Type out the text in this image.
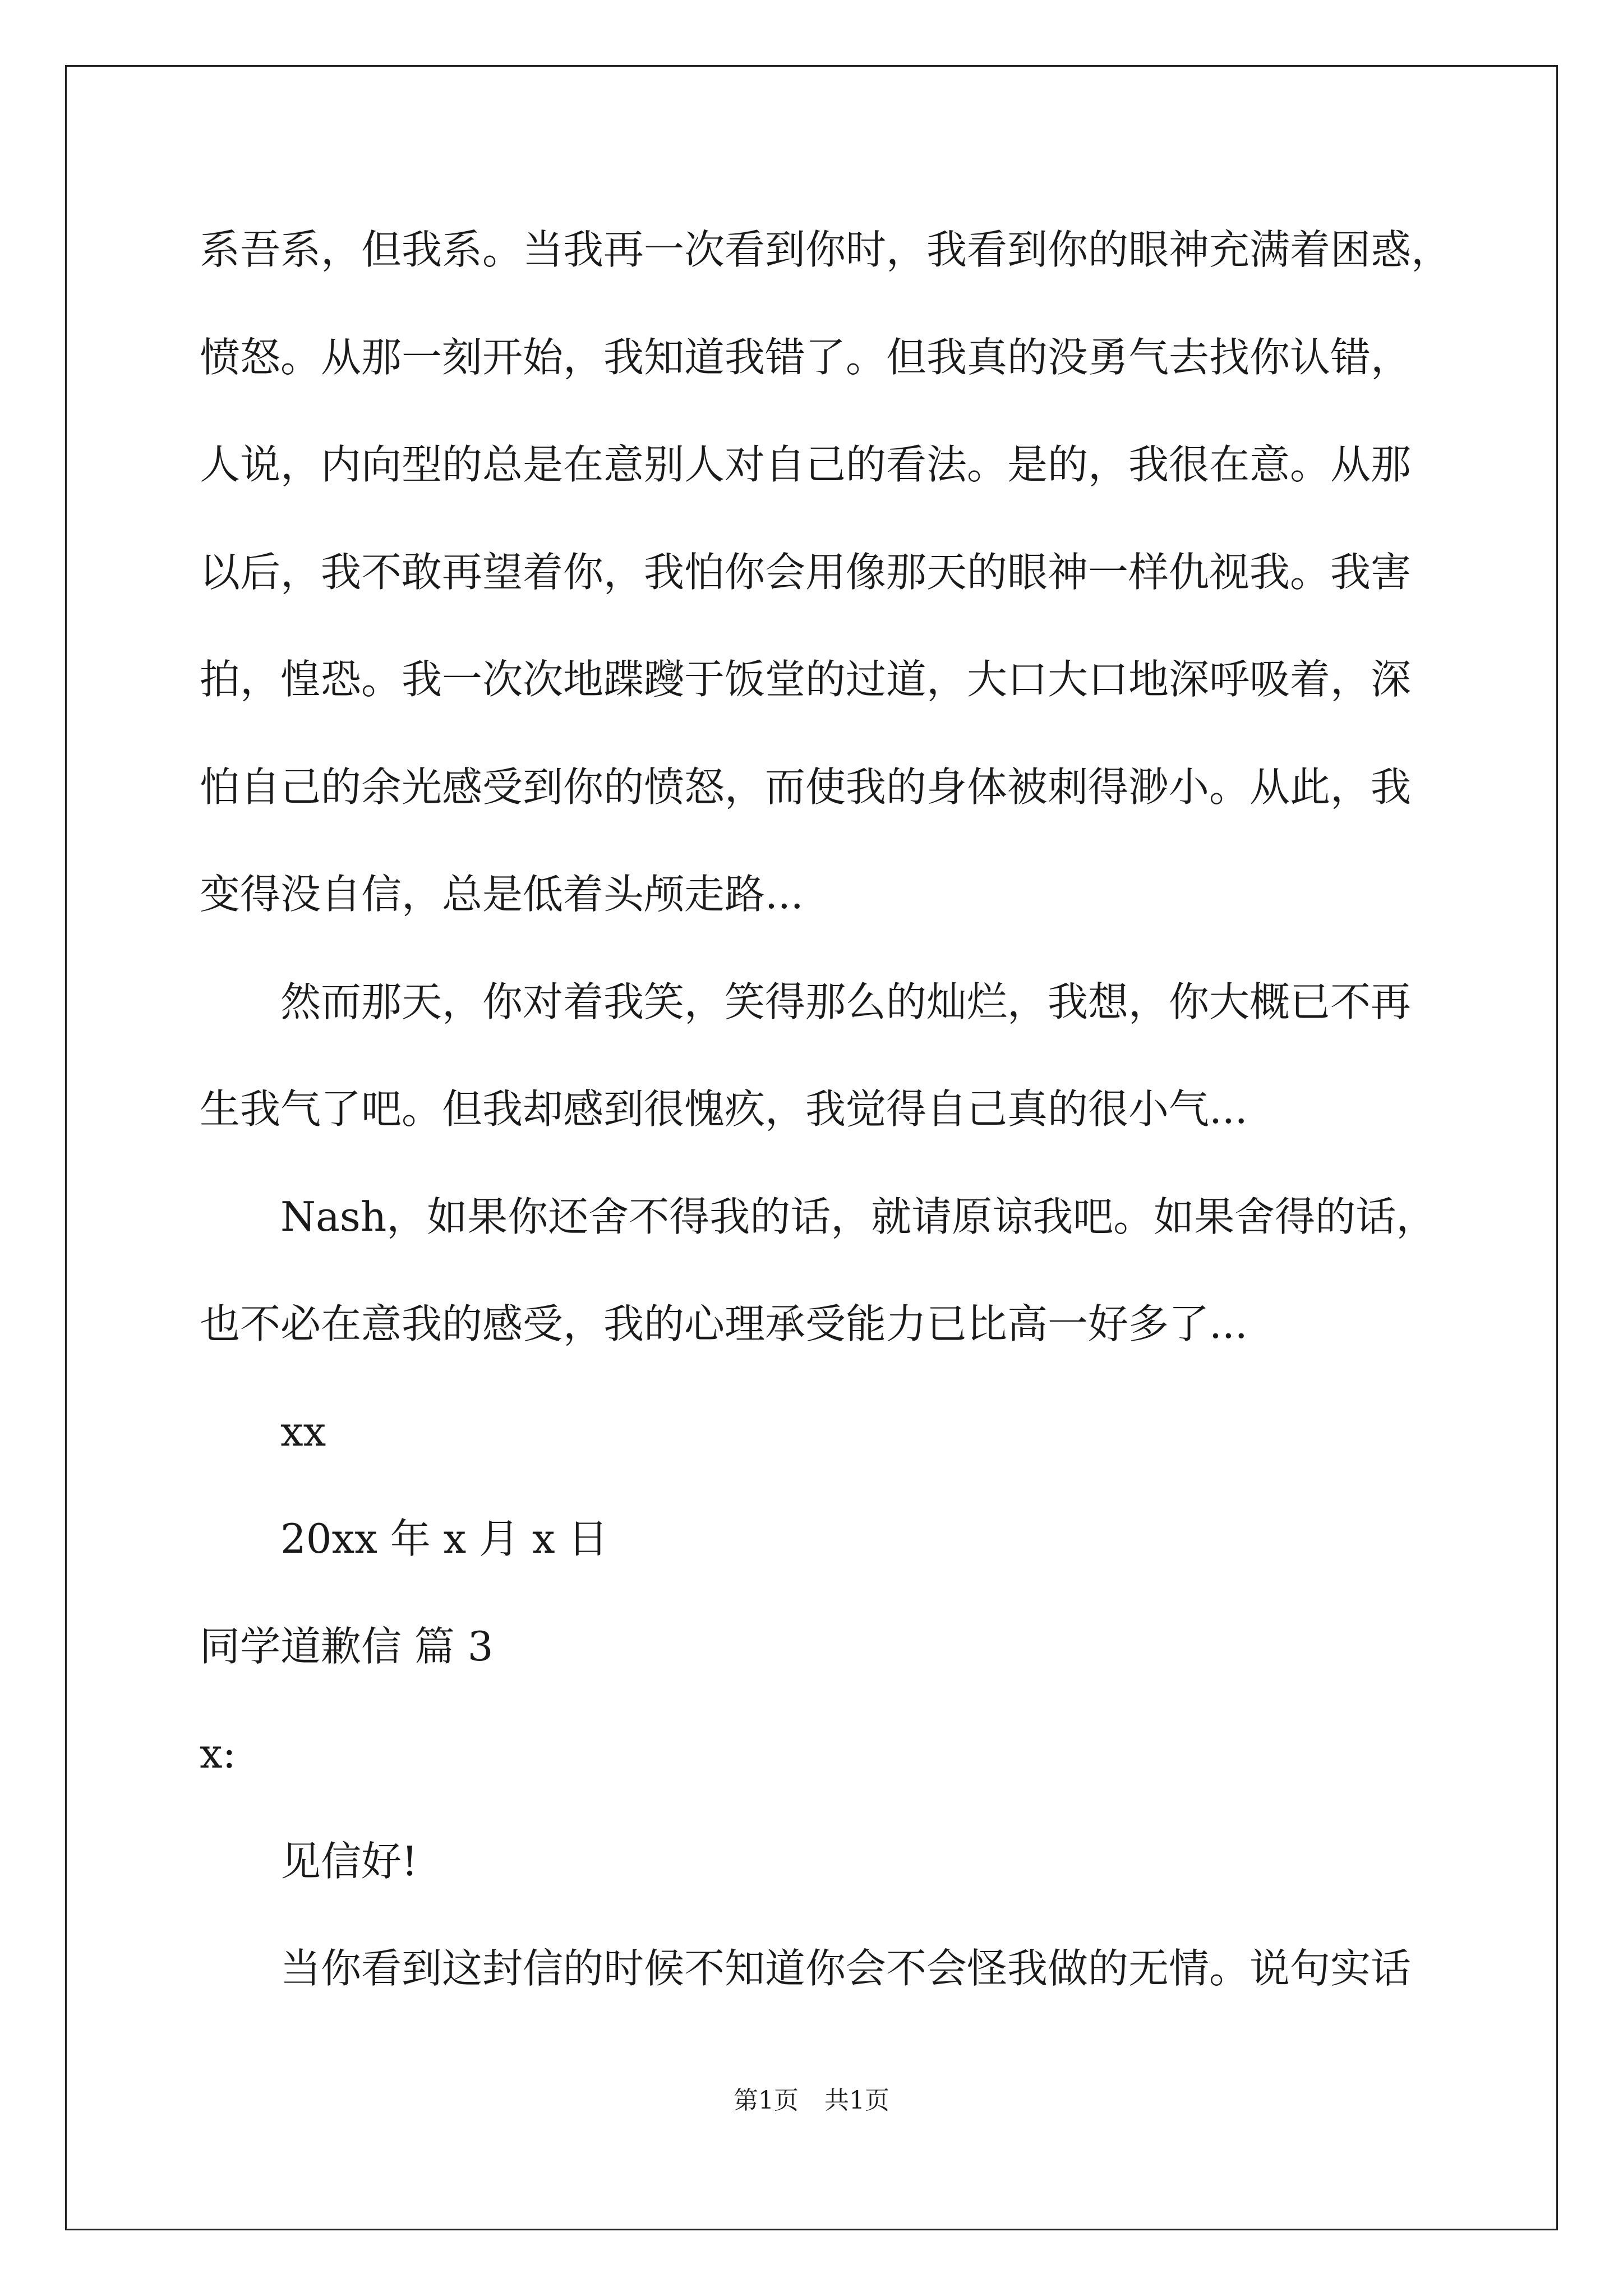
系吾系，但我系。当我再一次看到你时，我看到你的眼神充满着困惑，
愤怒。从那一刻开始，我知道我错了。但我真的没勇气去找你认错，
人说，内向型的总是在意别人对自己的看法。是的，我很在意。从那
以后，我不敢再望着你，我怕你会用像那天的眼神一样仇视我。我害
拍，惶恐。我一次次地蹀躞于饭堂的过道，大口大口地深呼吸着，深
怕自己的余光感受到你的愤怒，而使我的身体被刺得渺小。从此，我
变得没自信，总是低着头颅走路...
然而那天，你对着我笑，笑得那么的灿烂，我想，你大概已不再
生我气了吧。但我却感到很愧疚，我觉得自己真的很小气...
Nash，如果你还舍不得我的话，就请原谅我吧。如果舍得的话，
也不必在意我的感受，我的心理承受能力已比高一好多了...
xx
20xx 年 x 月 x 日
同学道歉信 篇 3
x:
见信好!
当你看到这封信的时候不知道你会不会怪我做的无情。说句实话
第1页 共1页
